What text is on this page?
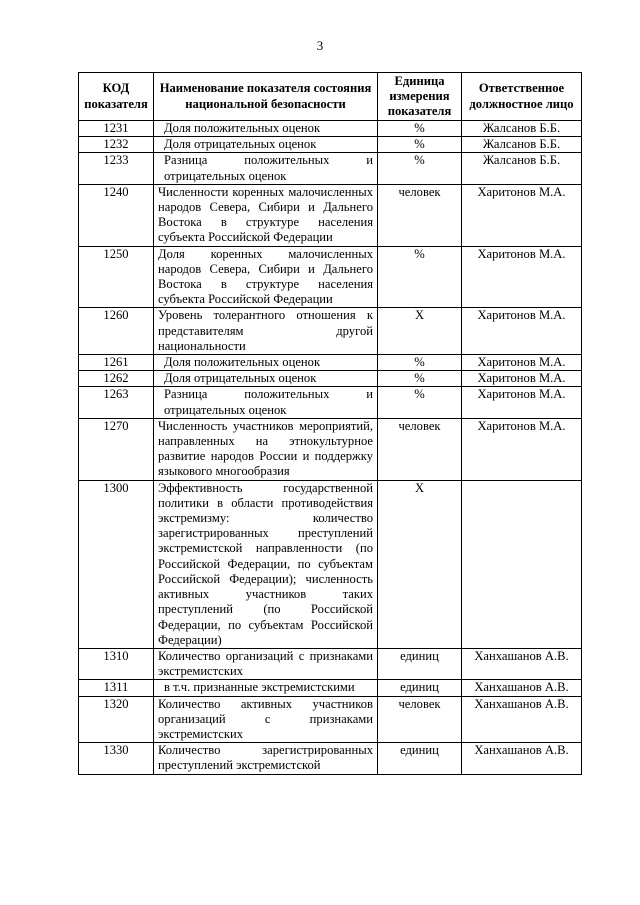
3
КОД показателя	Наименование показателя состояния национальной безопасности	Единица измерения показателя	Ответственное должностное лицо
1231	Доля положительных оценок	%	Жалсанов Б.Б.
1232	Доля отрицательных оценок	%	Жалсанов Б.Б.
1233	Разница положительных и отрицательных оценок	%	Жалсанов Б.Б.
1240	Численности коренных малочисленных народов Севера, Сибири и Дальнего Востока в структуре населения субъекта Российской Федерации	человек	Харитонов М.А.
1250	Доля коренных малочисленных народов Севера, Сибири и Дальнего Востока в структуре населения субъекта Российской Федерации	%	Харитонов М.А.
1260	Уровень толерантного отношения к представителям другой национальности	X	Харитонов М.А.
1261	Доля положительных оценок	%	Харитонов М.А.
1262	Доля отрицательных оценок	%	Харитонов М.А.
1263	Разница положительных и отрицательных оценок	%	Харитонов М.А.
1270	Численность участников мероприятий, направленных на этнокультурное развитие народов России и поддержку языкового многообразия	человек	Харитонов М.А.
1300	Эффективность государственной политики в области противодействия экстремизму: количество зарегистрированных преступлений экстремистской направленности (по Российской Федерации, по субъектам Российской Федерации); численность активных участников таких преступлений (по Российской Федерации, по субъектам Российской Федерации)	X	
1310	Количество организаций с признаками экстремистских	единиц	Ханхашанов А.В.
1311	в т.ч. признанные экстремистскими	единиц	Ханхашанов А.В.
1320	Количество активных участников организаций с признаками экстремистских	человек	Ханхашанов А.В.
1330	Количество зарегистрированных преступлений экстремистской	единиц	Ханхашанов А.В.
